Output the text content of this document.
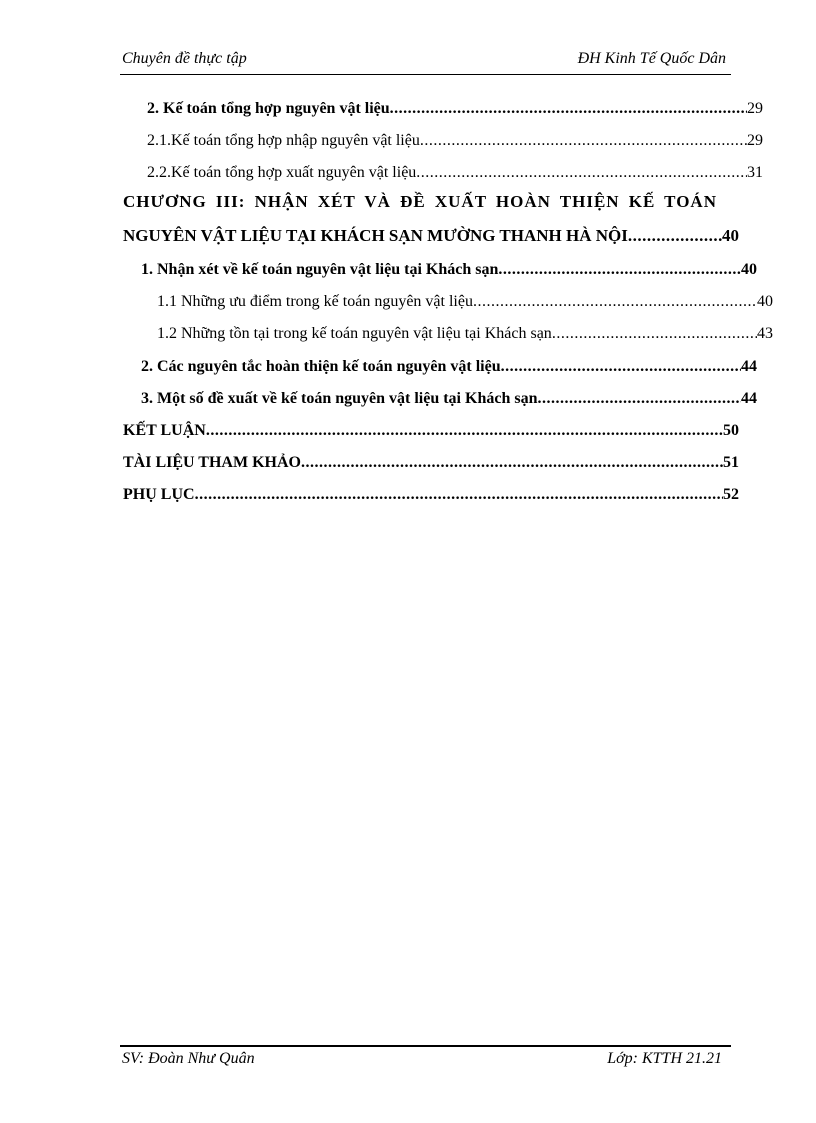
Chuyên đề thực tập	ĐH Kinh Tế Quốc Dân
2. Kế toán tổng hợp nguyên vật liệu .....	29
2.1.Kế toán tổng hợp nhập nguyên vật liệu .....	29
2.2.Kế toán tổng hợp xuất nguyên vật liệu .....	31
CHƯƠNG III: NHẬN XÉT VÀ ĐỀ XUẤT HOÀN THIỆN KẾ TOÁN
NGUYÊN VẬT LIỆU TẠI KHÁCH SẠN MƯỜNG THANH HÀ NỘI .....	40
1. Nhận xét về kế toán nguyên vật liệu tại Khách sạn .....	40
1.1 Những ưu điểm trong kế toán nguyên vật liệu .....	40
1.2 Những tồn tại trong kế toán nguyên vật liệu tại Khách sạn .....	43
2. Các nguyên tắc hoàn thiện kế toán nguyên vật liệu .....	44
3. Một số đề xuất về kế toán nguyên vật liệu tại Khách sạn .....	44
KẾT LUẬN .....	50
TÀI LIỆU THAM KHẢO .....	51
PHỤ LỤC .....	52
SV: Đoàn Như Quân	Lớp: KTTH 21.21
